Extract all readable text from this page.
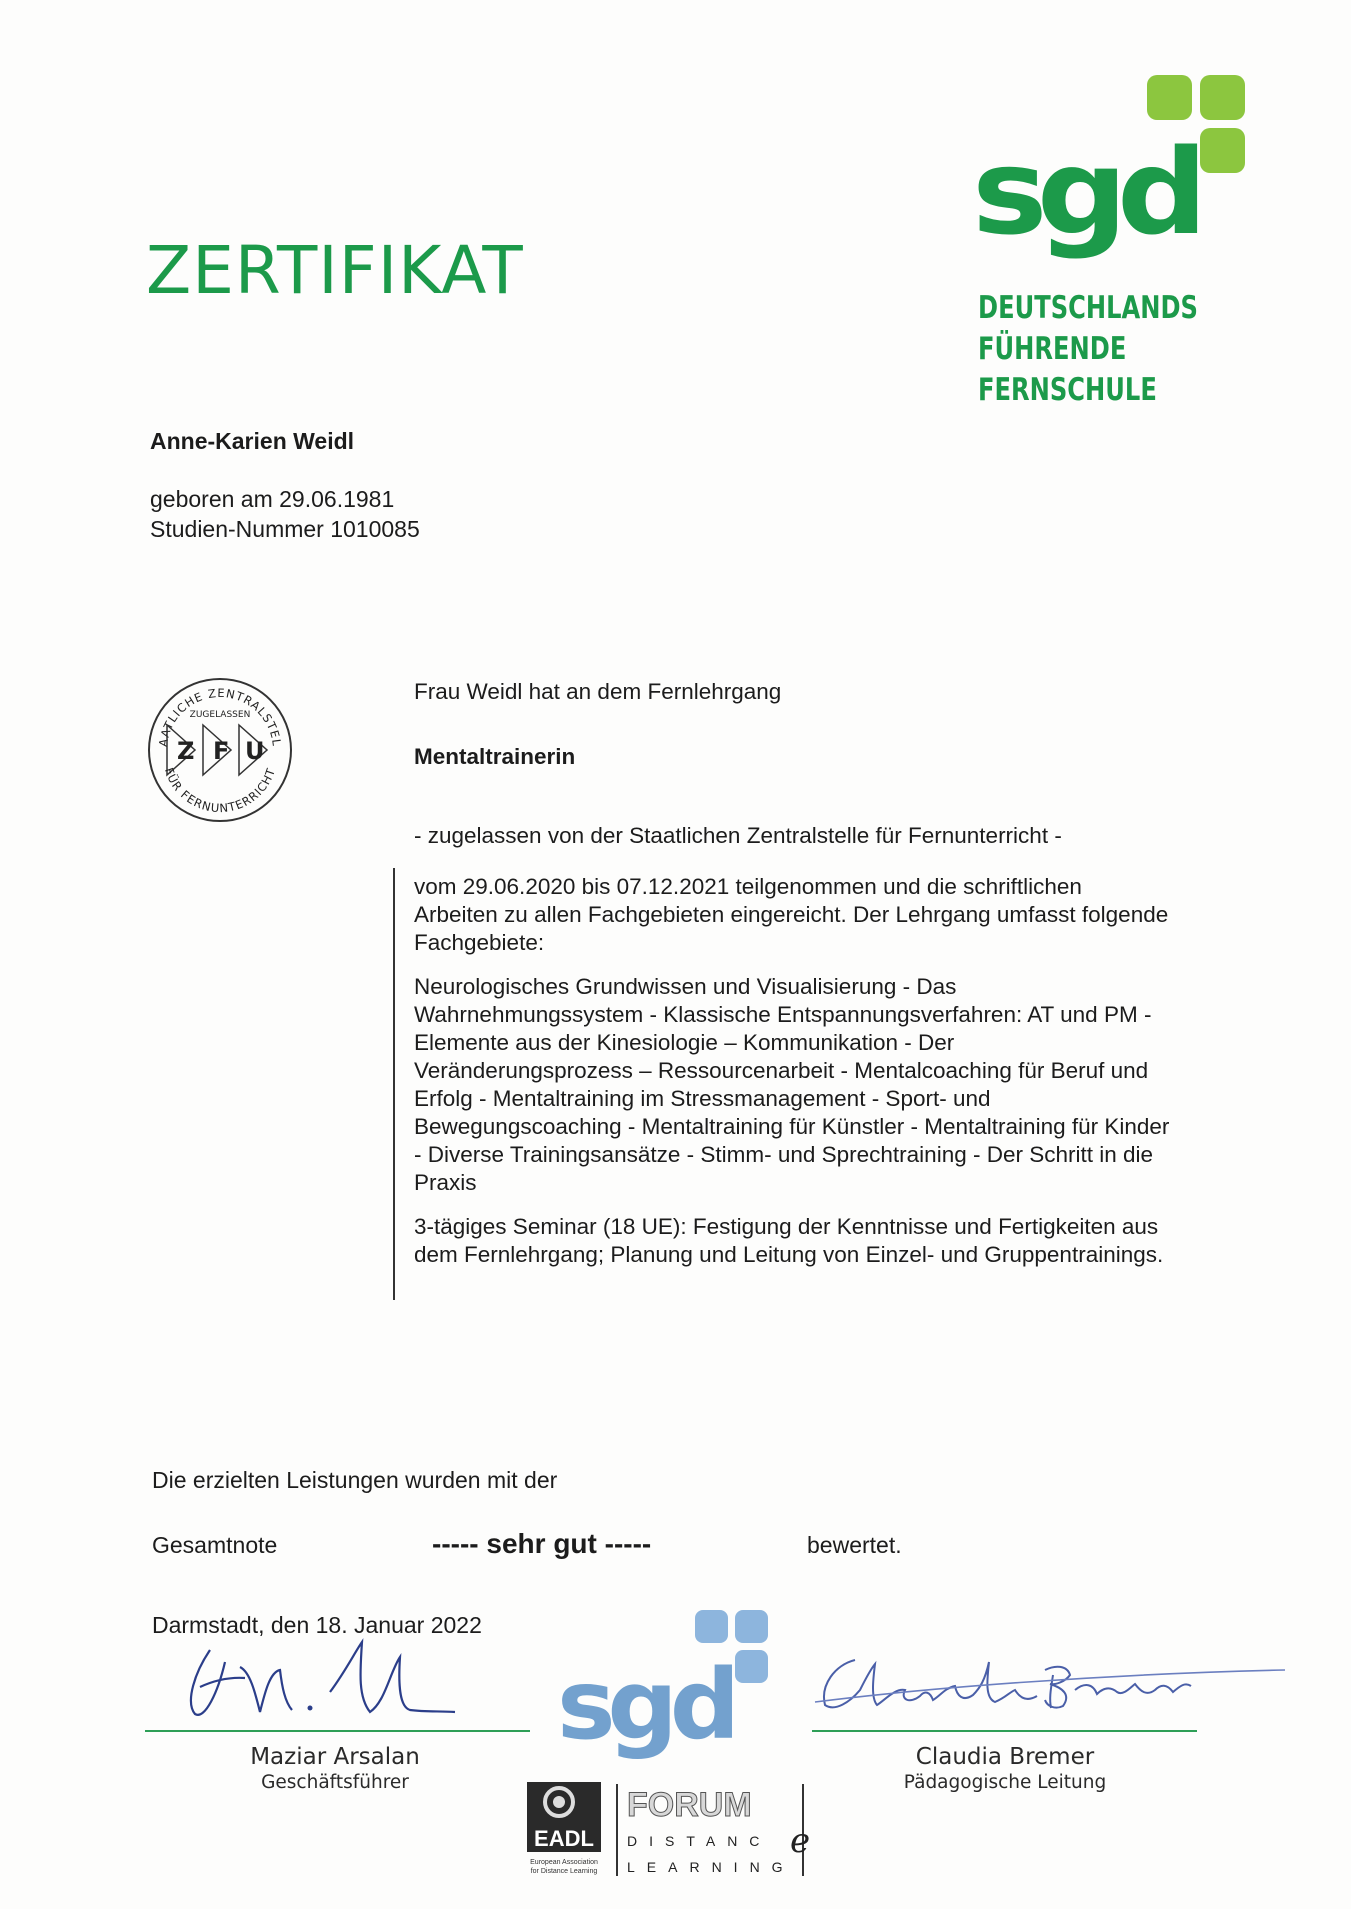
ZERTIFIKAT
sgd
DEUTSCHLANDS
FÜHRENDE FERNSCHULE
Anne-Karien Weidl
geboren am 29.06.1981
Studien-Nummer 1010085
AATLICHE ZENTRALSTEL
ZUGELASSEN
Z F U
FÜR FERNUNTERRICHT
Frau Weidl hat an dem Fernlehrgang
Mentaltrainerin
- zugelassen von der Staatlichen Zentralstelle für Fernunterricht -
vom 29.06.2020 bis 07.12.2021 teilgenommen und die schriftlichen
Arbeiten zu allen Fachgebieten eingereicht. Der Lehrgang umfasst folgende
Fachgebiete:
Neurologisches Grundwissen und Visualisierung - Das
Wahrnehmungssystem - Klassische Entspannungsverfahren: AT und PM -
Elemente aus der Kinesiologie – Kommunikation - Der
Veränderungsprozess – Ressourcenarbeit - Mentalcoaching für Beruf und
Erfolg - Mentaltraining im Stressmanagement - Sport- und
Bewegungscoaching - Mentaltraining für Künstler - Mentaltraining für Kinder
- Diverse Trainingsansätze - Stimm- und Sprechtraining - Der Schritt in die
Praxis
3-tägiges Seminar (18 UE): Festigung der Kenntnisse und Fertigkeiten aus
dem Fernlehrgang; Planung und Leitung von Einzel- und Gruppentrainings.
Die erzielten Leistungen wurden mit der
Gesamtnote	----- sehr gut -----	bewertet.
Darmstadt, den 18. Januar 2022
Maziar Arsalan
Geschäftsführer
sgd	Claudia Bremer
Pädagogische Leitung
EADL
European Association
for Distance Learning
FORUM
DISTANC e
LEARNING
